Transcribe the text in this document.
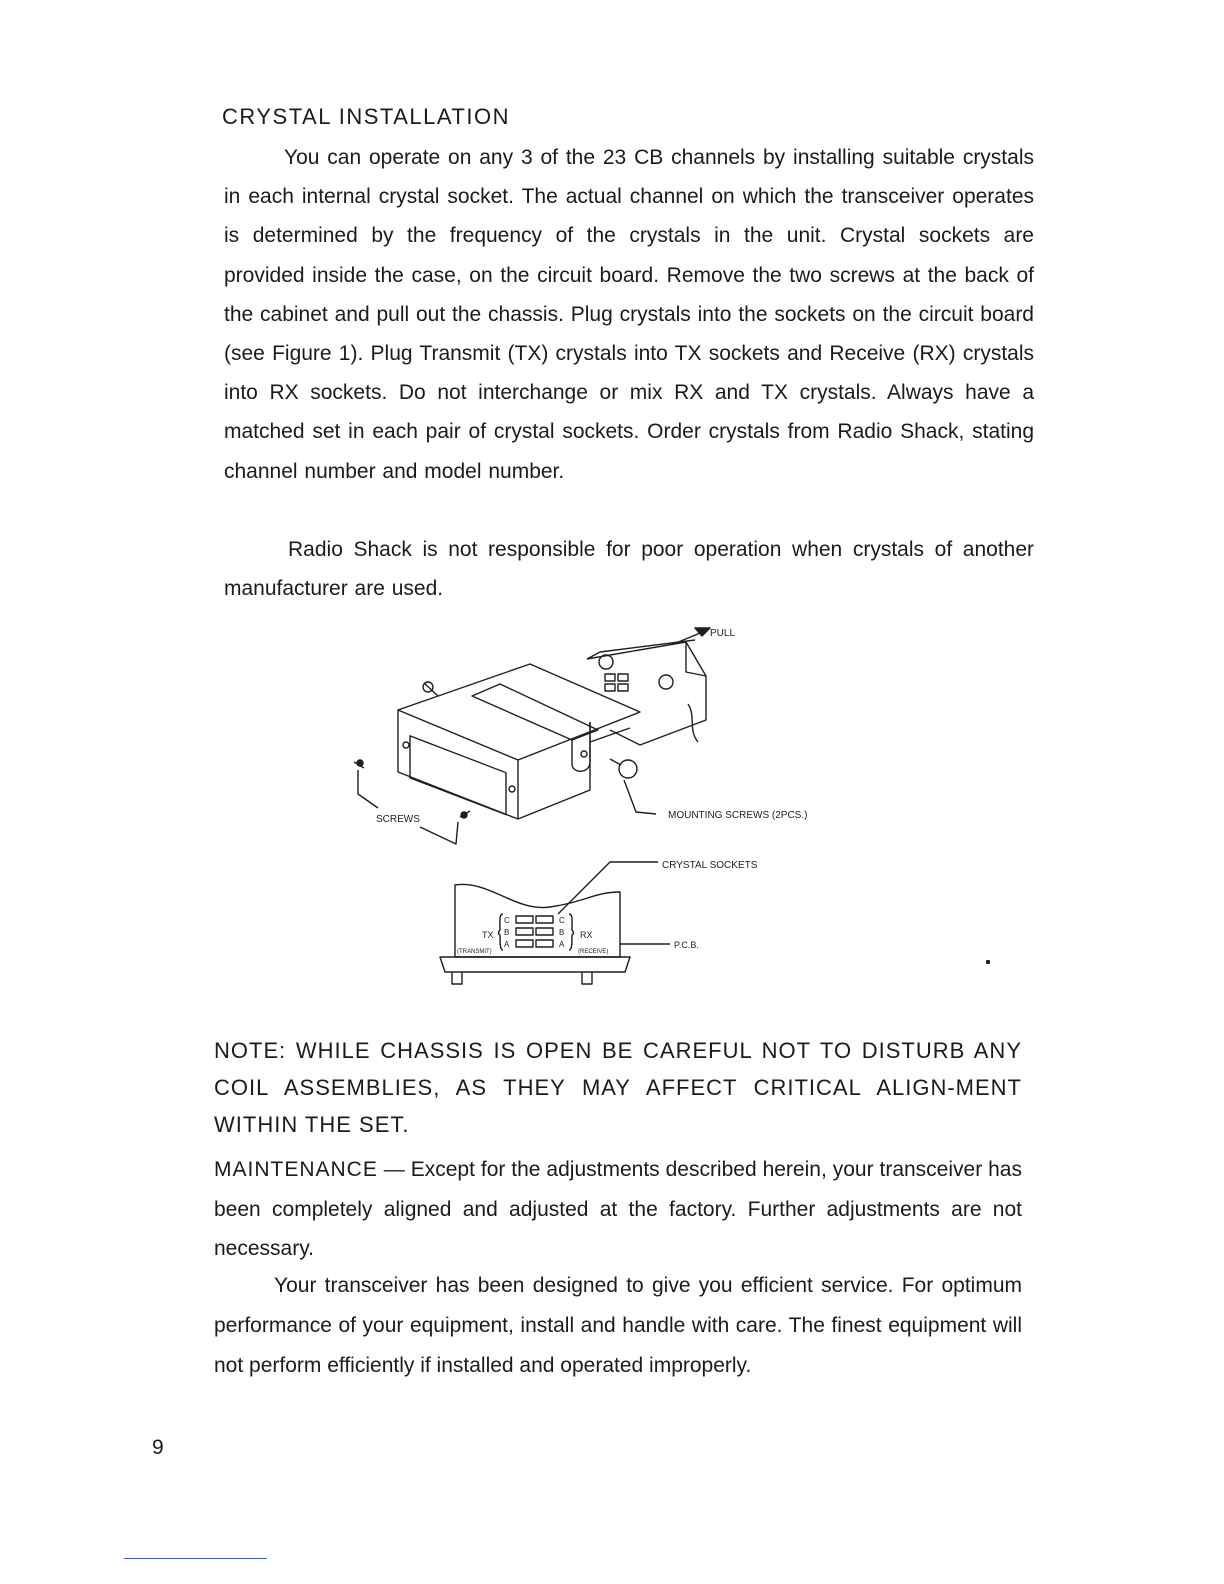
CRYSTAL INSTALLATION

You can operate on any 3 of the 23 CB channels by installing suitable crystals in each internal crystal socket. The actual channel on which the transceiver operates is determined by the frequency of the crystals in the unit. Crystal sockets are provided inside the case, on the circuit board. Remove the two screws at the back of the cabinet and pull out the chassis. Plug crystals into the sockets on the circuit board (see Figure 1). Plug Transmit (TX) crystals into TX sockets and Receive (RX) crystals into RX sockets. Do not interchange or mix RX and TX crystals. Always have a matched set in each pair of crystal sockets. Order crystals from Radio Shack, stating channel number and model number.

Radio Shack is not responsible for poor operation when crystals of another manufacturer are used.

PULL
SCREWS	MOUNTING SCREWS (2PCS.)
CRYSTAL SOCKETS
P.C.B.
TX	RX
(TRANSMIT)	(RECEIVE)
C
B
A
C
B
A

NOTE: WHILE CHASSIS IS OPEN BE CAREFUL NOT TO DISTURB ANY COIL ASSEMBLIES, AS THEY MAY AFFECT CRITICAL ALIGN-MENT WITHIN THE SET.

MAINTENANCE — Except for the adjustments described herein, your transceiver has been completely aligned and adjusted at the factory. Further adjustments are not necessary.

Your transceiver has been designed to give you efficient service. For optimum performance of your equipment, install and handle with care. The finest equipment will not perform efficiently if installed and operated improperly.

9
